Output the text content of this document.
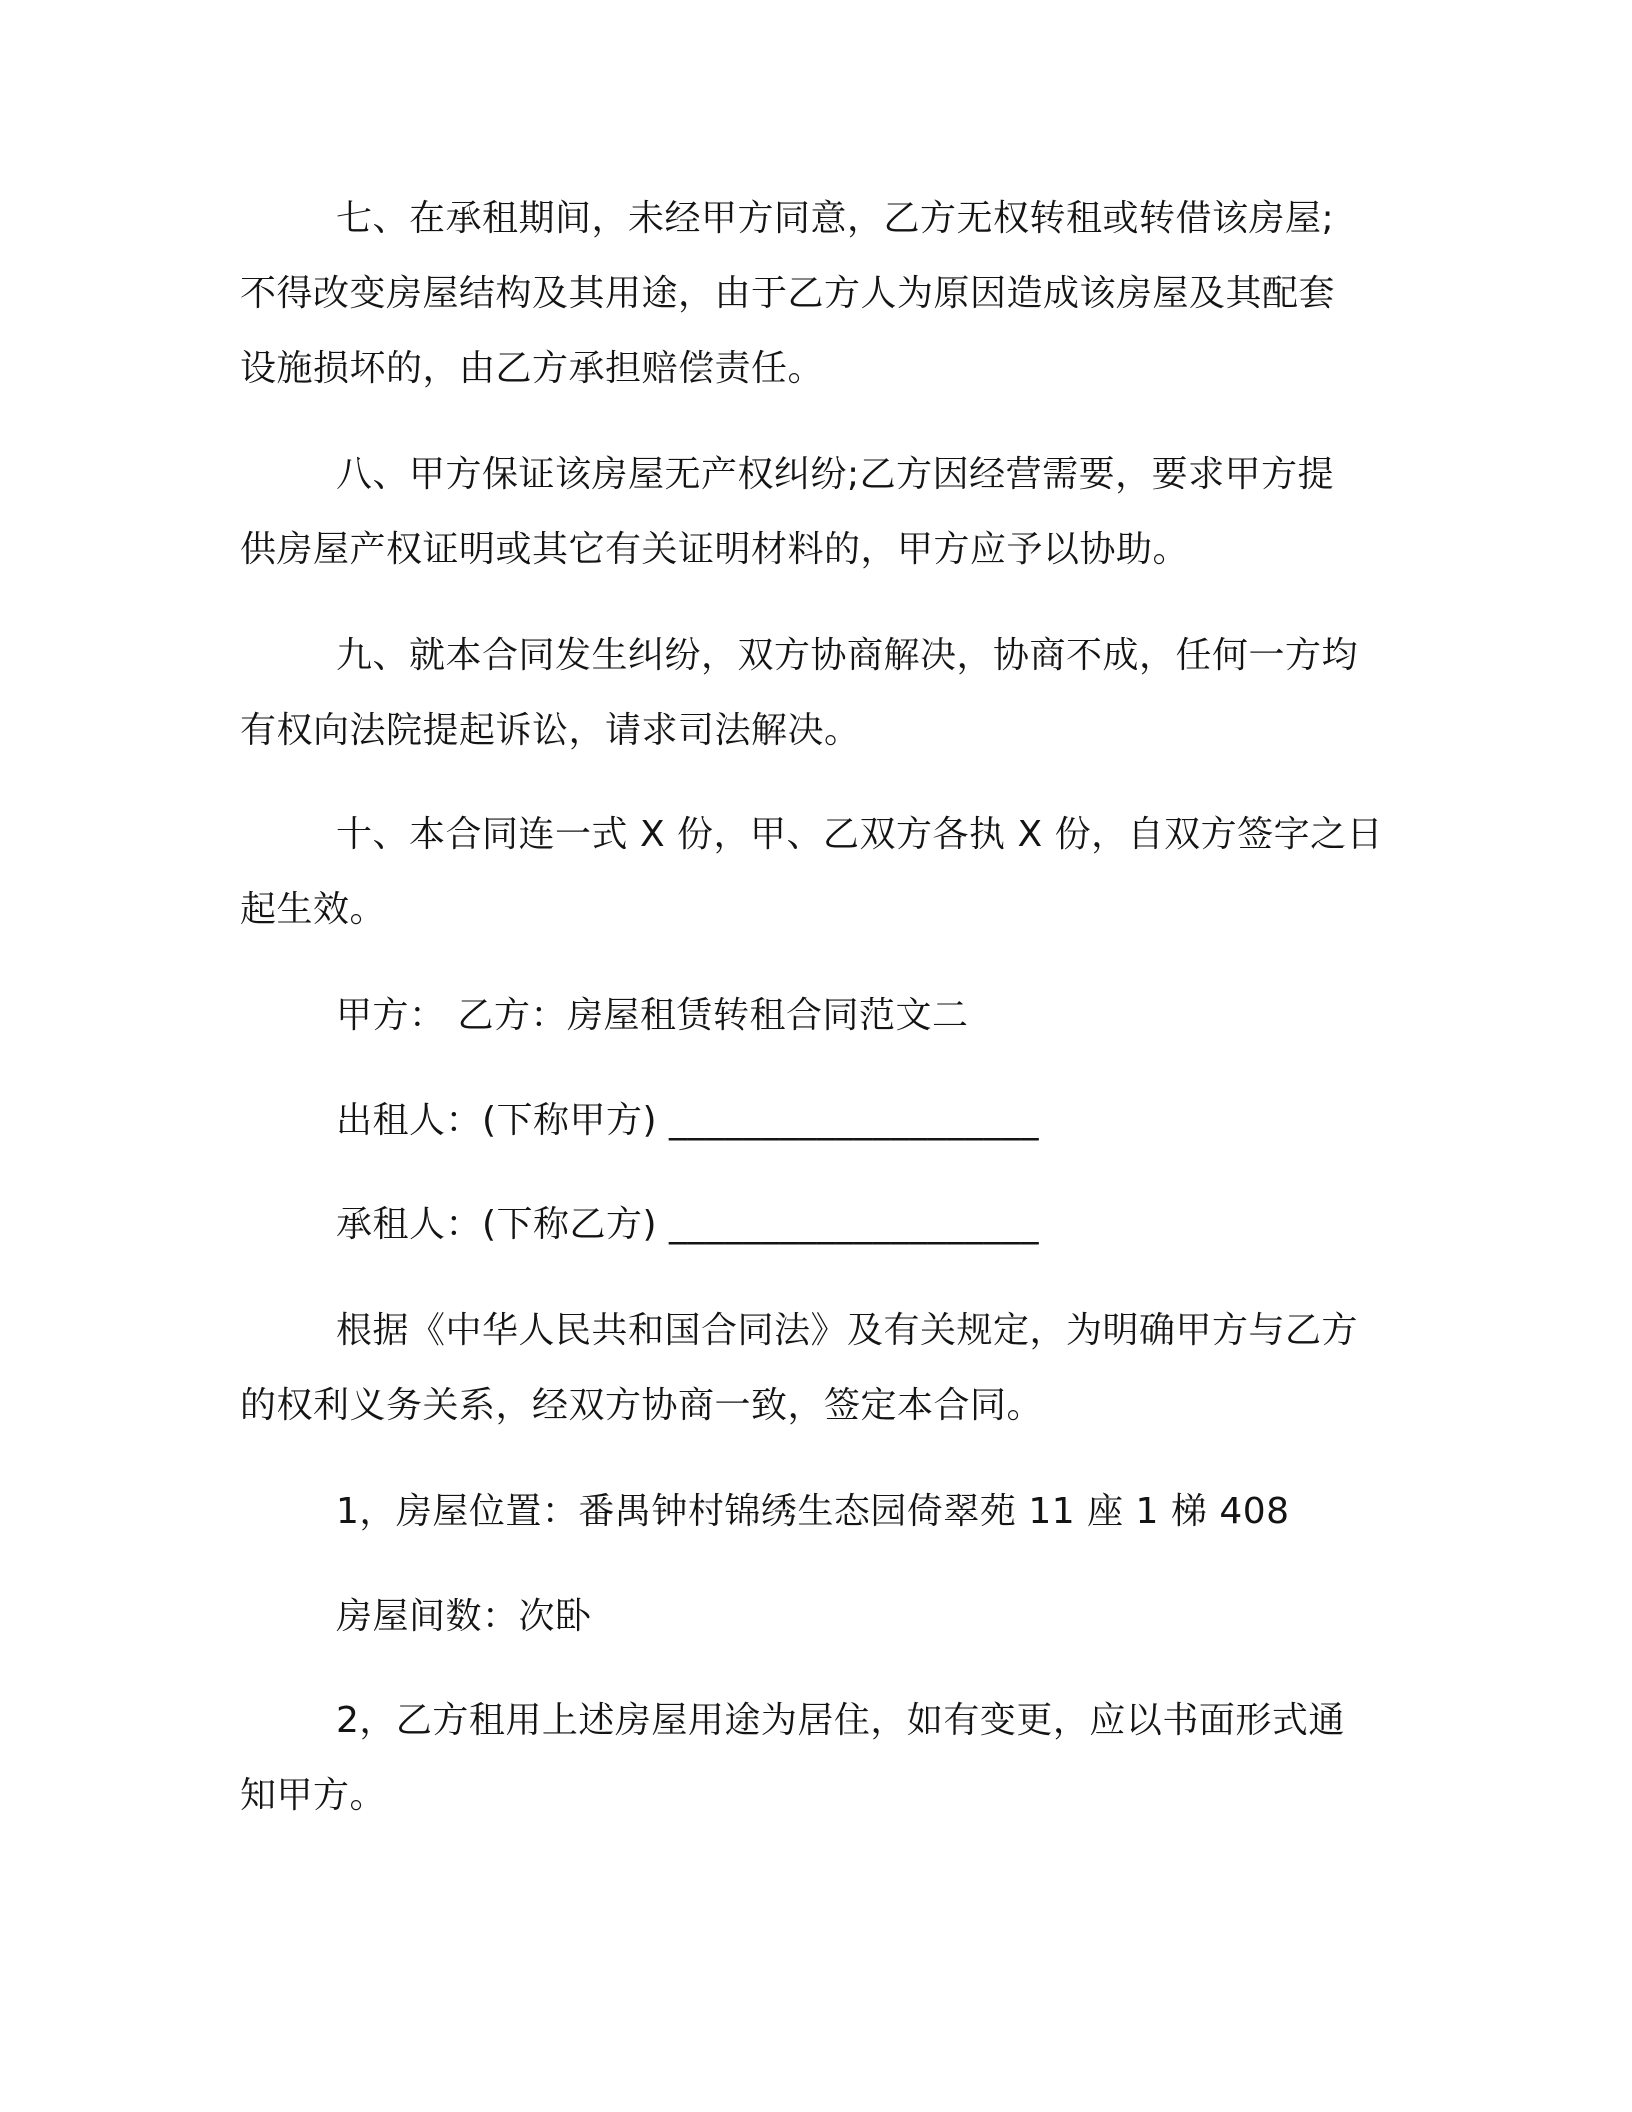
七、在承租期间，未经甲方同意，乙方无权转租或转借该房屋;
不得改变房屋结构及其用途，由于乙方人为原因造成该房屋及其配套
设施损坏的，由乙方承担赔偿责任。
八、甲方保证该房屋无产权纠纷;乙方因经营需要，要求甲方提
供房屋产权证明或其它有关证明材料的，甲方应予以协助。
九、就本合同发生纠纷，双方协商解决，协商不成，任何一方均
有权向法院提起诉讼，请求司法解决。
十、本合同连一式 X 份，甲、乙双方各执 X 份，自双方签字之日
起生效。
甲方： 乙方：房屋租赁转租合同范文二
出租人：(下称甲方) ____________________
承租人：(下称乙方) ____________________
根据《中华人民共和国合同法》及有关规定，为明确甲方与乙方
的权利义务关系，经双方协商一致，签定本合同。
1，房屋位置：番禺钟村锦绣生态园倚翠苑 11 座 1 梯 408
房屋间数：次卧
2，乙方租用上述房屋用途为居住，如有变更，应以书面形式通
知甲方。
